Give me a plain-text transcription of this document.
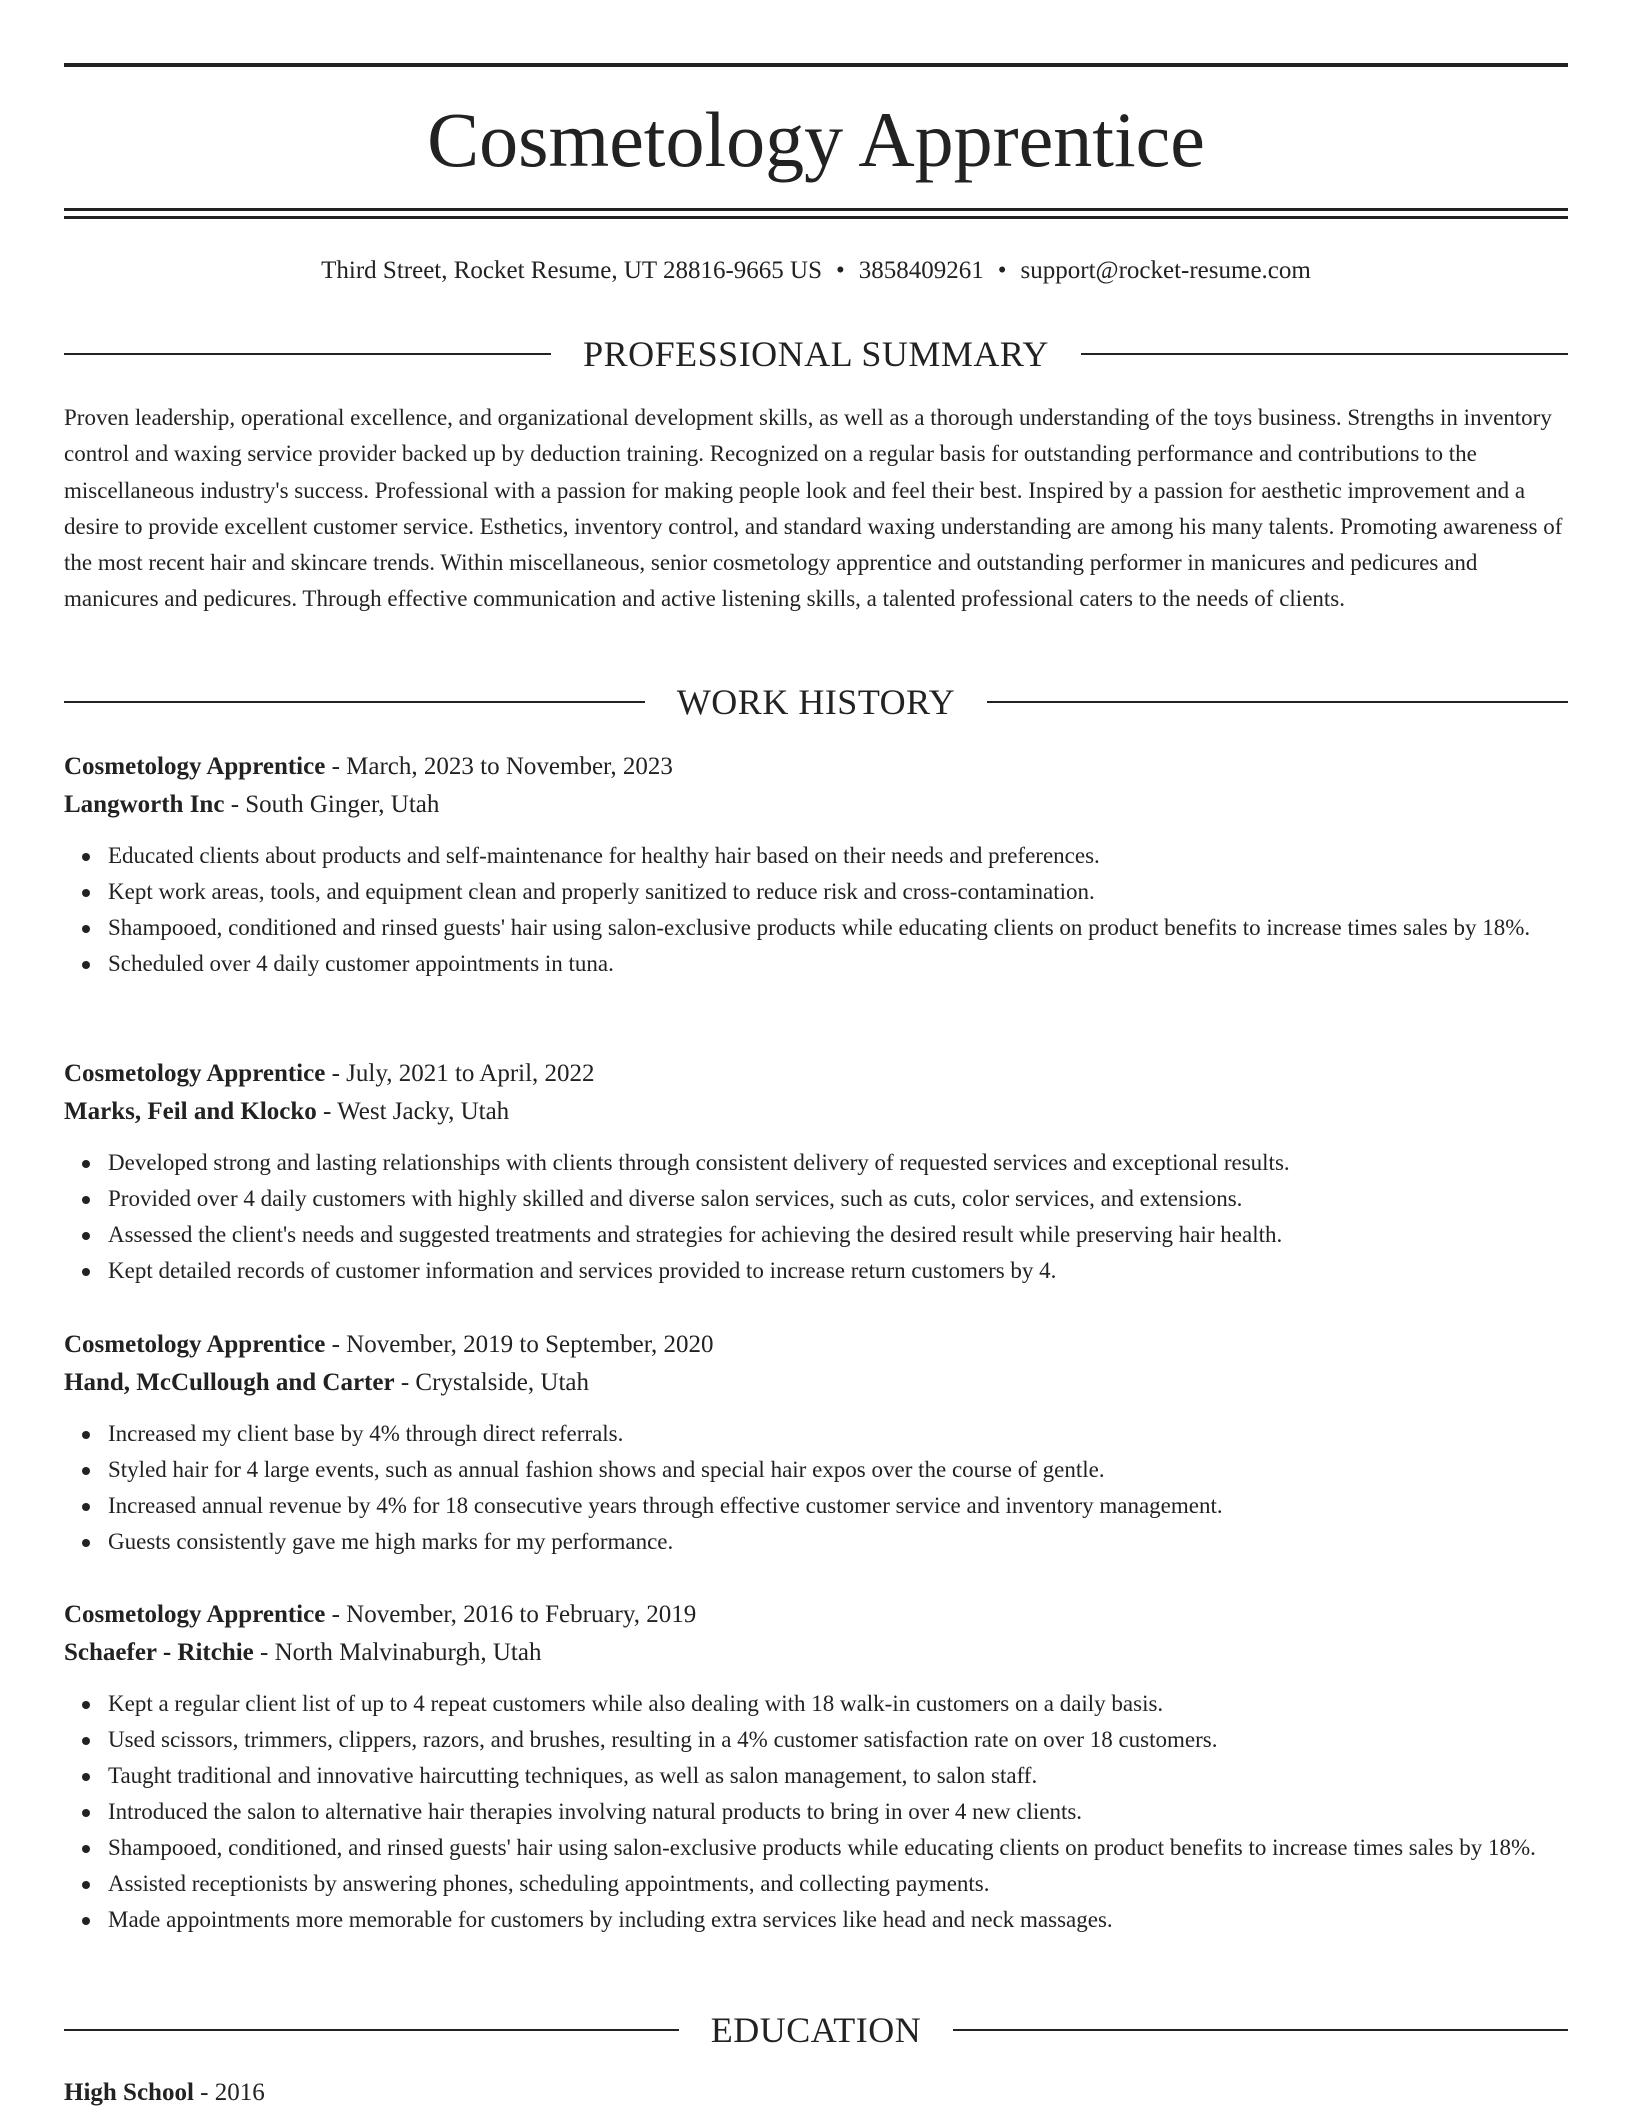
Cosmetology Apprentice
Third Street, Rocket Resume, UT 28816-9665 US • 3858409261 • support@rocket-resume.com
PROFESSIONAL SUMMARY

Proven leadership, operational excellence, and organizational development skills, as well as a thorough understanding of the toys business. Strengths in inventory control and waxing service provider backed up by deduction training. Recognized on a regular basis for outstanding performance and contributions to the miscellaneous industry's success. Professional with a passion for making people look and feel their best. Inspired by a passion for aesthetic improvement and a desire to provide excellent customer service. Esthetics, inventory control, and standard waxing understanding are among his many talents. Promoting awareness of the most recent hair and skincare trends. Within miscellaneous, senior cosmetology apprentice and outstanding performer in manicures and pedicures and manicures and pedicures. Through effective communication and active listening skills, a talented professional caters to the needs of clients.

WORK HISTORY
Cosmetology Apprentice - March, 2023 to November, 2023
Langworth Inc - South Ginger, Utah
Educated clients about products and self-maintenance for healthy hair based on their needs and preferences.
Kept work areas, tools, and equipment clean and properly sanitized to reduce risk and cross-contamination.
Shampooed, conditioned and rinsed guests' hair using salon-exclusive products while educating clients on product benefits to increase times sales by 18%.
Scheduled over 4 daily customer appointments in tuna.
Cosmetology Apprentice - July, 2021 to April, 2022
Marks, Feil and Klocko - West Jacky, Utah
Developed strong and lasting relationships with clients through consistent delivery of requested services and exceptional results.
Provided over 4 daily customers with highly skilled and diverse salon services, such as cuts, color services, and extensions.
Assessed the client's needs and suggested treatments and strategies for achieving the desired result while preserving hair health.
Kept detailed records of customer information and services provided to increase return customers by 4.
Cosmetology Apprentice - November, 2019 to September, 2020
Hand, McCullough and Carter - Crystalside, Utah
Increased my client base by 4% through direct referrals.
Styled hair for 4 large events, such as annual fashion shows and special hair expos over the course of gentle.
Increased annual revenue by 4% for 18 consecutive years through effective customer service and inventory management.
Guests consistently gave me high marks for my performance.
Cosmetology Apprentice - November, 2016 to February, 2019
Schaefer - Ritchie - North Malvinaburgh, Utah
Kept a regular client list of up to 4 repeat customers while also dealing with 18 walk-in customers on a daily basis.
Used scissors, trimmers, clippers, razors, and brushes, resulting in a 4% customer satisfaction rate on over 18 customers.
Taught traditional and innovative haircutting techniques, as well as salon management, to salon staff.
Introduced the salon to alternative hair therapies involving natural products to bring in over 4 new clients.
Shampooed, conditioned, and rinsed guests' hair using salon-exclusive products while educating clients on product benefits to increase times sales by 18%.
Assisted receptionists by answering phones, scheduling appointments, and collecting payments.
Made appointments more memorable for customers by including extra services like head and neck massages.
EDUCATION
High School - 2016
